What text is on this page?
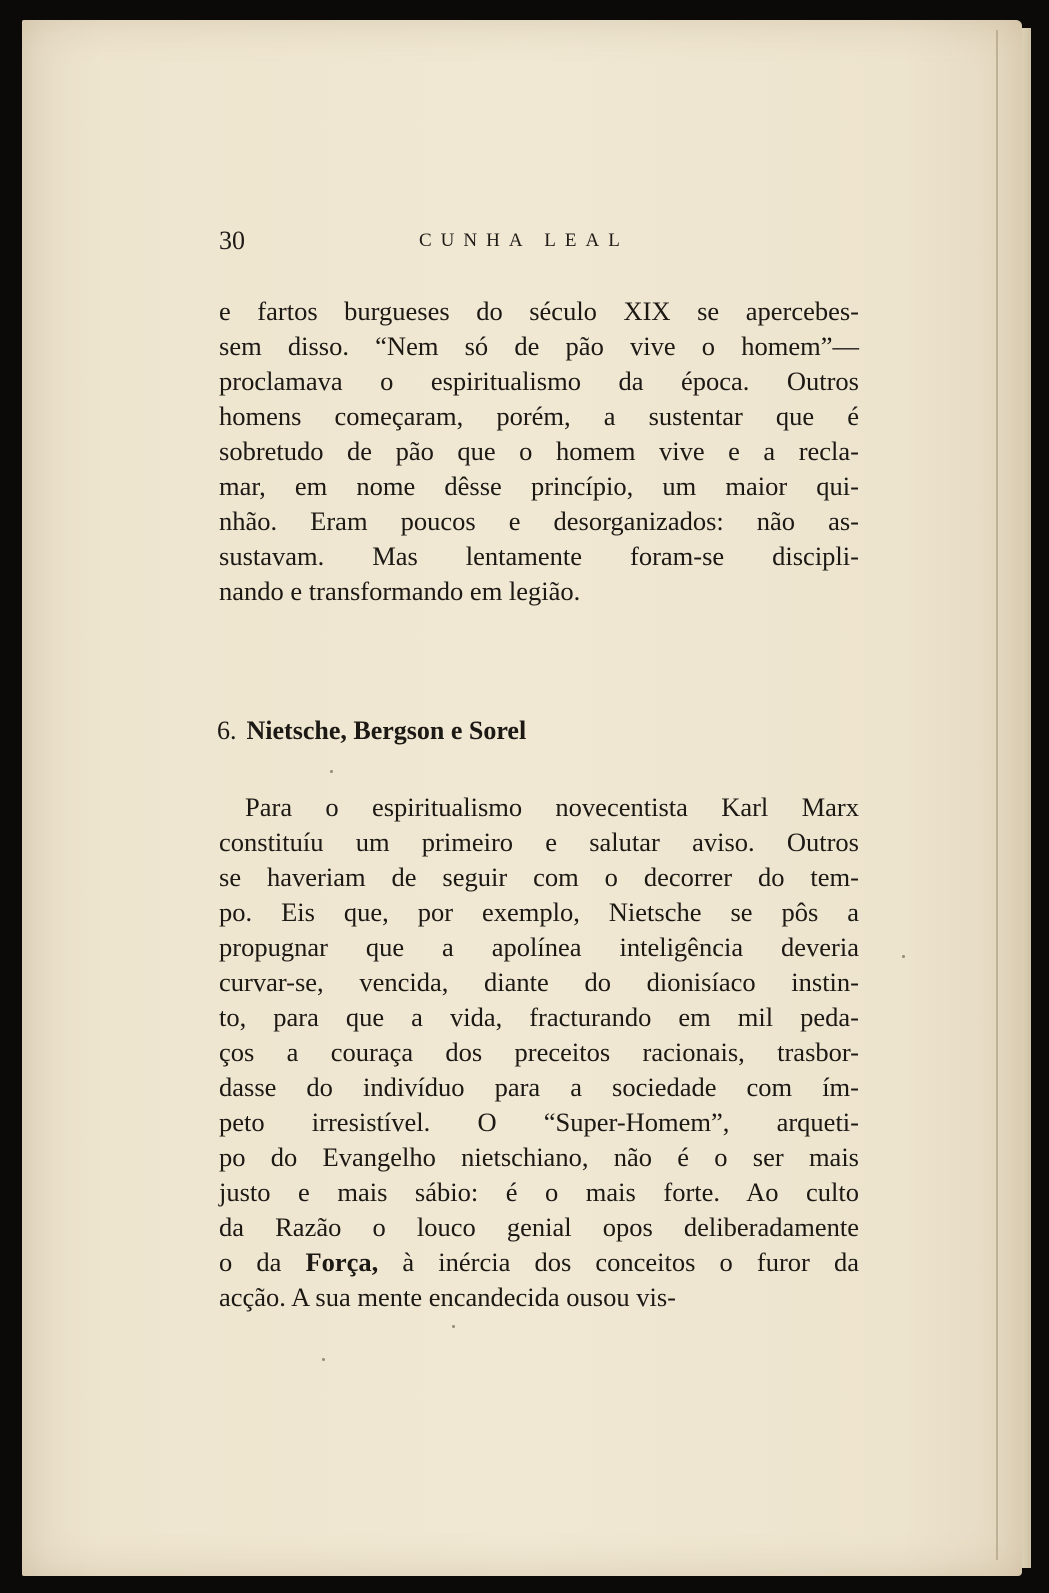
30	CUNHA LEAL
e fartos burgueses do século XIX se apercebes-
sem disso. “Nem só de pão vive o homem”—
proclamava o espiritualismo da época. Outros
homens começaram, porém, a sustentar que é
sobretudo de pão que o homem vive e a recla-
mar, em nome dêsse princípio, um maior qui-
nhão. Eram poucos e desorganizados: não as-
sustavam. Mas lentamente foram-se discipli-
nando e transformando em legião.
6. Nietsche, Bergson e Sorel
Para o espiritualismo novecentista Karl Marx
constituíu um primeiro e salutar aviso. Outros
se haveriam de seguir com o decorrer do tem-
po. Eis que, por exemplo, Nietsche se pôs a
propugnar que a apolínea inteligência deveria
curvar-se, vencida, diante do dionisíaco instin-
to, para que a vida, fracturando em mil peda-
ços a couraça dos preceitos racionais, trasbor-
dasse do indivíduo para a sociedade com ím-
peto irresistível. O “Super-Homem”, arqueti-
po do Evangelho nietschiano, não é o ser mais
justo e mais sábio: é o mais forte. Ao culto
da Razão o louco genial opos deliberadamente
o da Força, à inércia dos conceitos o furor da
acção. A sua mente encandecida ousou vis-
